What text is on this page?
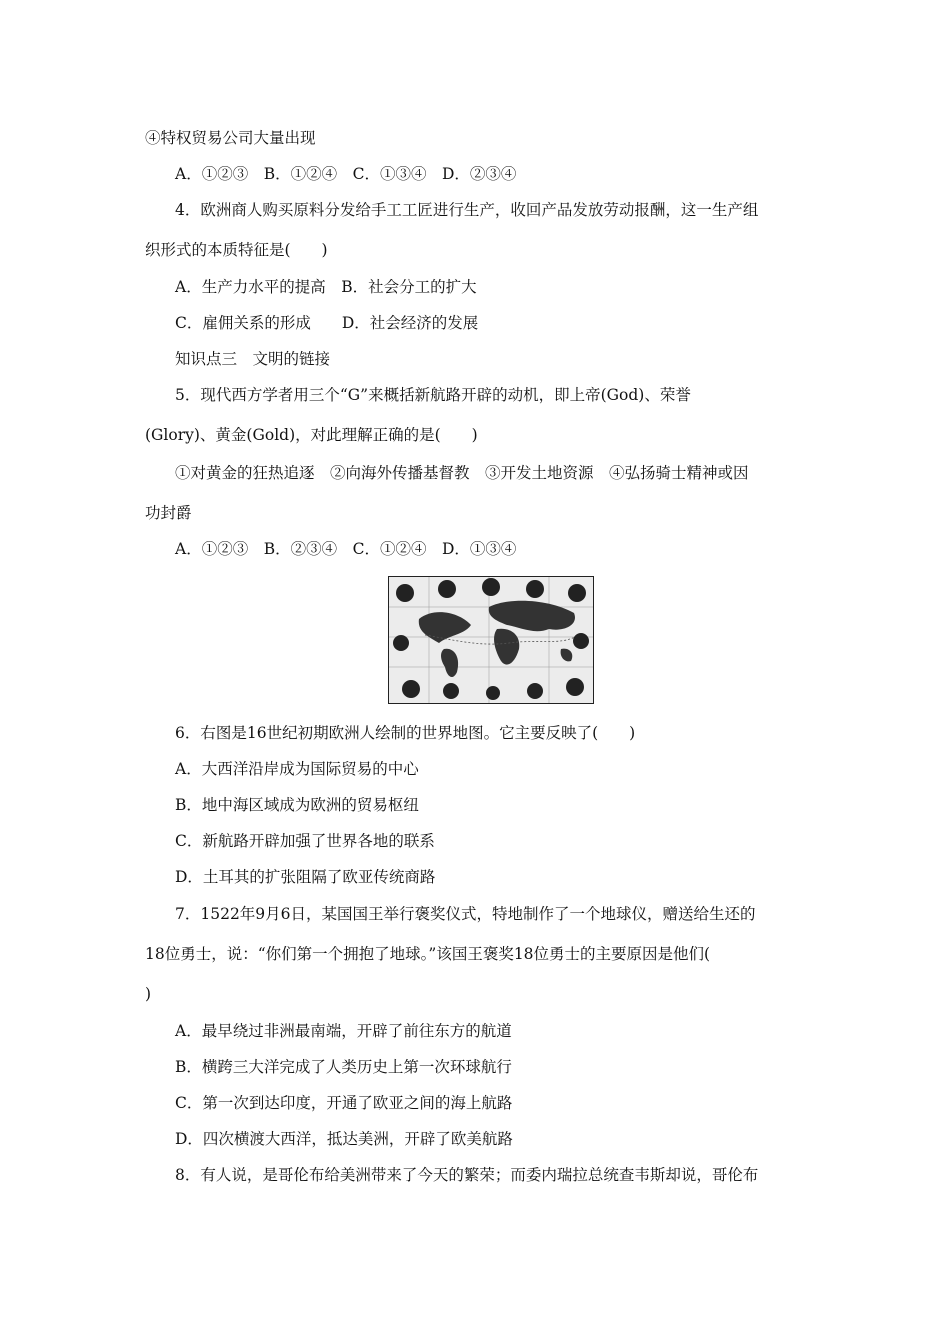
④特权贸易公司大量出现
A．①②③　B．①②④　C．①③④　D．②③④
4．欧洲商人购买原料分发给手工工匠进行生产，收回产品发放劳动报酬，这一生产组
织形式的本质特征是(　　)
A．生产力水平的提高　B．社会分工的扩大
C．雇佣关系的形成　　D．社会经济的发展
知识点三　文明的链接
5．现代西方学者用三个“G”来概括新航路开辟的动机，即上帝(God)、荣誉
(Glory)、黄金(Gold)，对此理解正确的是(　　)
①对黄金的狂热追逐　②向海外传播基督教　③开发土地资源　④弘扬骑士精神或因
功封爵
A．①②③　B．②③④　C．①②④　D．①③④
6．右图是16世纪初期欧洲人绘制的世界地图。它主要反映了(　　)
A．大西洋沿岸成为国际贸易的中心
B．地中海区域成为欧洲的贸易枢纽
C．新航路开辟加强了世界各地的联系
D．土耳其的扩张阻隔了欧亚传统商路
7．1522年9月6日，某国国王举行褒奖仪式，特地制作了一个地球仪，赠送给生还的
18位勇士，说：“你们第一个拥抱了地球。”该国王褒奖18位勇士的主要原因是他们(
)
A．最早绕过非洲最南端，开辟了前往东方的航道
B．横跨三大洋完成了人类历史上第一次环球航行
C．第一次到达印度，开通了欧亚之间的海上航路
D．四次横渡大西洋，抵达美洲，开辟了欧美航路
8．有人说，是哥伦布给美洲带来了今天的繁荣；而委内瑞拉总统查韦斯却说，哥伦布
